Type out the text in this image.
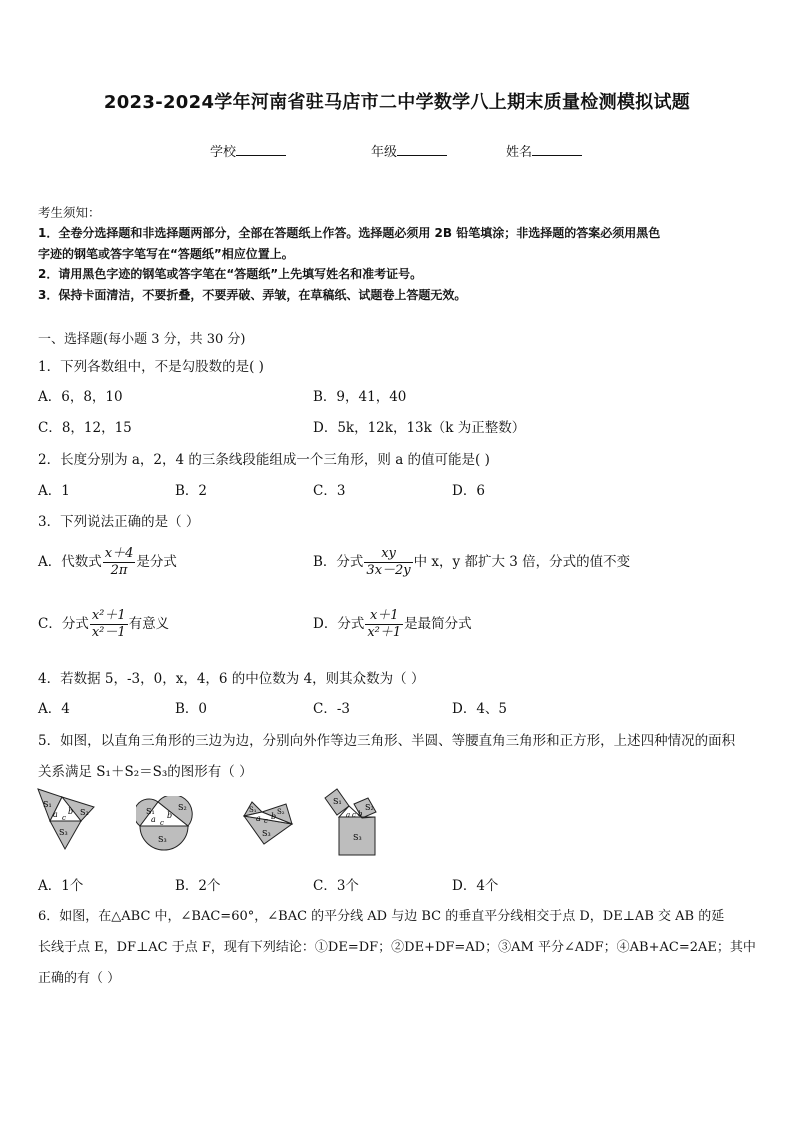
2023-2024学年河南省驻马店市二中学数学八上期末质量检测模拟试题
学校	年级	姓名
考生须知：
1．全卷分选择题和非选择题两部分，全部在答题纸上作答。选择题必须用 2B 铅笔填涂；非选择题的答案必须用黑色
字迹的钢笔或答字笔写在“答题纸”相应位置上。
2．请用黑色字迹的钢笔或答字笔在“答题纸”上先填写姓名和准考证号。
3．保持卡面清洁，不要折叠，不要弄破、弄皱，在草稿纸、试题卷上答题无效。
一、选择题(每小题 3 分，共 30 分)
1．下列各数组中，不是勾股数的是( )
A．6，8，10	B．9，41，40
C．8，12，15	D．5k，12k，13k（k 为正整数）
2．长度分别为 a，2，4 的三条线段能组成一个三角形，则 a 的值可能是( )
A．1	B．2	C．3	D．6
3．下列说法正确的是（ ）
A．代数式 $\frac{x+4}{2\pi}$ 是分式	B．分式 $\frac{xy}{3x-2y}$ 中 x，y 都扩大 3 倍，分式的值不变
C．分式 $\frac{\text{x²＋1}}{\text{x²－1}}$ 有意义	D．分式 $\frac{x+1}{\text{x²＋1}}$ 是最简分式
4．若数据 5，-3，0，x，4，6 的中位数为 4，则其众数为（ ）
A．4	B．0	C．-3	D．4、5
5．如图，以直角三角形的三边为边，分别向外作等边三角形、半圆、等腰直角三角形和正方形，上述四种情况的面积
关系满足 S₁＋S₂＝S₃的图形有（ ）
S₁
S₂
S₃
a c
b	S₁	S₂
S₃
a c
b
S₁	S₂
S₃
a c b
S₁
S₂
S₃
a c b
A．1个	B．2个	C．3个	D．4个
6．如图，在△ABC 中，∠BAC=60°，∠BAC 的平分线 AD 与边 BC 的垂直平分线相交于点 D，DE⊥AB 交 AB 的延
长线于点 E，DF⊥AC 于点 F，现有下列结论：①DE=DF；②DE+DF=AD；③AM 平分∠ADF；④AB+AC=2AE；其中
正确的有（ ）
